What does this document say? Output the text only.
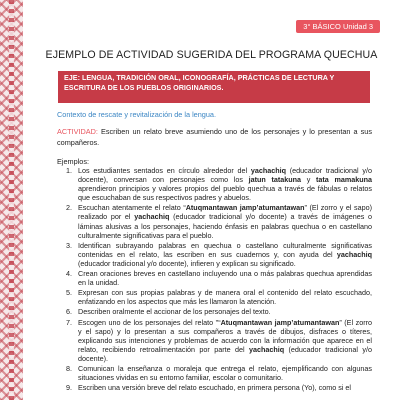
3° BÁSICO Unidad 3
EJEMPLO DE ACTIVIDAD SUGERIDA DEL PROGRAMA QUECHUA
EJE: LENGUA, TRADICIÓN ORAL, ICONOGRAFÍA, PRÁCTICAS DE LECTURA Y ESCRITURA DE LOS PUEBLOS ORIGINARIOS.
Contexto de rescate y revitalización de la lengua.
ACTIVIDAD: Escriben un relato breve asumiendo uno de los personajes y lo presentan a sus compañeros.
Ejemplos:
1. Los estudiantes sentados en círculo alrededor del yachachiq (educador tradicional y/o docente), conversan con personajes como los jatun tatakuna y tata mamakuna aprendieron principios y valores propios del pueblo quechua a través de fábulas o relatos que escuchaban de sus respectivos padres y abuelos.
2. Escuchan atentamente el relato “Atuqmantawan jamp’atumantawan” (El zorro y el sapo) realizado por el yachachiq (educador tradicional y/o docente) a través de imágenes o láminas alusivas a los personajes, haciendo énfasis en palabras quechua o en castellano culturalmente significativas para el pueblo.
3. Identifican subrayando palabras en quechua o castellano culturalmente significativas contenidas en el relato, las escriben en sus cuadernos y, con ayuda del yachachiq (educador tradicional y/o docente), infieren y explican su significado.
4. Crean oraciones breves en castellano incluyendo una o más palabras quechua aprendidas en la unidad.
5. Expresan con sus propias palabras y de manera oral el contenido del relato escuchado, enfatizando en los aspectos que más les llamaron la atención.
6. Describen oralmente el accionar de los personajes del texto.
7. Escogen uno de los personajes del relato "“Atuqmantawan jamp’atumantawan” (El zorro y el sapo) y lo presentan a sus compañeros a través de dibujos, disfraces o títeres, explicando sus intenciones y problemas de acuerdo con la información que aparece en el relato, recibiendo retroalimentación por parte del yachachiq (educador tradicional y/o docente).
8. Comunican la enseñanza o moraleja que entrega el relato, ejemplificando con algunas situaciones vividas en su entorno familiar, escolar o comunitario.
9. Escriben una versión breve del relato escuchado, en primera persona (Yo), como si el
